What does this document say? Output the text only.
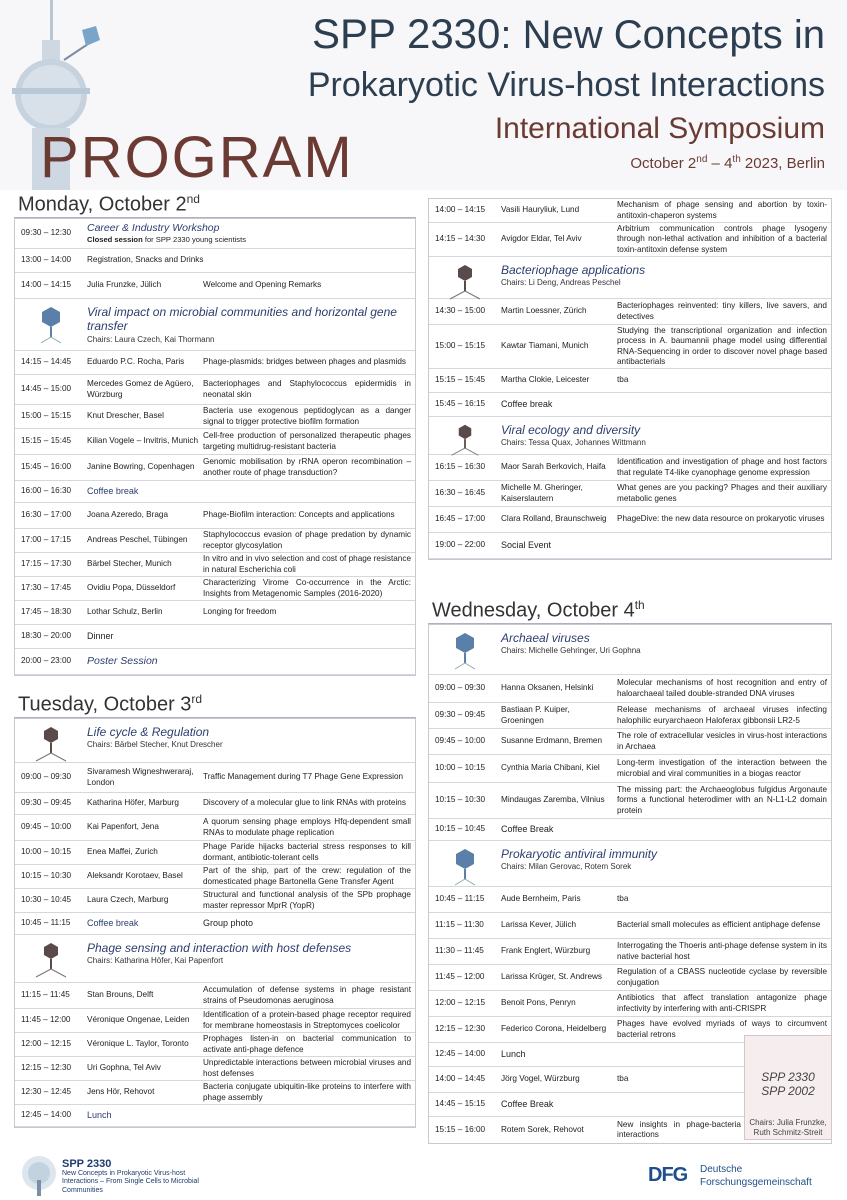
SPP 2330: New Concepts in
Prokaryotic Virus-host Interactions
International Symposium
October 2nd – 4th 2023, Berlin
PROGRAM
Monday, October 2nd
09:30 – 12:30	Career & Industry Workshop
Closed session for SPP 2330 young scientists
13:00 – 14:00	Registration, Snacks and Drinks
14:00 – 14:15	Julia Frunzke, Jülich	Welcome and Opening Remarks
Viral impact on microbial communities and horizontal gene transfer
Chairs: Laura Czech, Kai Thormann
14:15 – 14:45	Eduardo P.C. Rocha, Paris	Phage-plasmids: bridges between phages and plasmids
14:45 – 15:00
Mercedes Gomez de Agüero, Würzburg
Bacteriophages and Staphylococcus epidermidis in neonatal skin
15:00 – 15:15	Knut Drescher, Basel
Bacteria use exogenous peptidoglycan as a danger signal to trigger protective biofilm formation
15:15 – 15:45	Kilian Vogele – Invitris, Munich
Cell-free production of personalized therapeutic phages targeting multidrug-resistant bacteria
15:45 – 16:00	Janine Bowring, Copenhagen
Genomic mobilisation by rRNA operon recombination – another route of phage transduction?
16:00 – 16:30	Coffee break
16:30 – 17:00	Joana Azeredo, Braga	Phage-Biofilm interaction: Concepts and applications
17:00 – 17:15	Andreas Peschel, Tübingen
Staphylococcus evasion of phage predation by dynamic receptor glycosylation
17:15 – 17:30	Bärbel Stecher, Munich
In vitro and in vivo selection and cost of phage resistance in natural Escherichia coli
17:30 – 17:45	Ovidiu Popa, Düsseldorf
Characterizing Virome Co-occurrence in the Arctic: Insights from Metagenomic Samples (2016-2020)
17:45 – 18:30	Lothar Schulz, Berlin	Longing for freedom
18:30 – 20:00	Dinner
20:00 – 23:00	Poster Session
Tuesday, October 3rd
Life cycle & Regulation
Chairs: Bärbel Stecher, Knut Drescher
09:00 – 09:30
Sivaramesh Wigneshweraraj, London
Traffic Management during T7 Phage Gene Expression
09:30 – 09:45	Katharina Höfer, Marburg	Discovery of a molecular glue to link RNAs with proteins
09:45 – 10:00	Kai Papenfort, Jena
A quorum sensing phage employs Hfq-dependent small RNAs to modulate phage replication
10:00 – 10:15	Enea Maffei, Zurich
Phage Paride hijacks bacterial stress responses to kill dormant, antibiotic-tolerant cells
10:15 – 10:30	Aleksandr Korotaev, Basel
Part of the ship, part of the crew: regulation of the domesticated phage Bartonella Gene Transfer Agent
10:30 – 10:45	Laura Czech, Marburg
Structural and functional analysis of the SPb prophage master repressor MprR (YopR)
10:45 – 11:15	Coffee break	Group photo
Phage sensing and interaction with host defenses
Chairs: Katharina Höfer, Kai Papenfort
11:15 – 11:45	Stan Brouns, Delft
Accumulation of defense systems in phage resistant strains of Pseudomonas aeruginosa
11:45 – 12:00	Véronique Ongenae, Leiden
Identification of a protein-based phage receptor required for membrane homeostasis in Streptomyces coelicolor
12:00 – 12:15	Véronique L. Taylor, Toronto
Prophages listen-in on bacterial communication to activate anti-phage defence
12:15 – 12:30	Uri Gophna, Tel Aviv
Unpredictable interactions between microbial viruses and host defenses
12:30 – 12:45	Jens Hör, Rehovot
Bacteria conjugate ubiquitin-like proteins to interfere with phage assembly
12:45 – 14:00	Lunch
14:00 – 14:15	Vasili Hauryliuk, Lund
Mechanism of phage sensing and abortion by toxin-antitoxin-chaperon systems
14:15 – 14:30	Avigdor Eldar, Tel Aviv
Arbitrium communication controls phage lysogeny through non-lethal activation and inhibition of a bacterial toxin-antitoxin defense system
Bacteriophage applications
Chairs: Li Deng, Andreas Peschel
14:30 – 15:00	Martin Loessner, Zürich
Bacteriophages reinvented: tiny killers, live savers, and detectives
15:00 – 15:15	Kawtar Tiamani, Munich
Studying the transcriptional organization and infection process in A. baumannii phage model using differential RNA-Sequencing in order to discover novel phage based antibacterials
15:15 – 15:45	Martha Clokie, Leicester	tba
15:45 – 16:15	Coffee break
Viral ecology and diversity
Chairs: Tessa Quax, Johannes Wittmann
16:15 – 16:30	Maor Sarah Berkovich, Haifa
Identification and investigation of phage and host factors that regulate T4-like cyanophage genome expression
16:30 – 16:45
Michelle M. Gheringer, Kaiserslautern
What genes are you packing? Phages and their auxiliary metabolic genes
16:45 – 17:00	Clara Rolland, Braunschweig	PhageDive: the new data resource on prokaryotic viruses
19:00 – 22:00	Social Event
Wednesday, October 4th
Archaeal viruses
Chairs: Michelle Gehringer, Uri Gophna
09:00 – 09:30	Hanna Oksanen, Helsinki
Molecular mechanisms of host recognition and entry of haloarchaeal tailed double-stranded DNA viruses
09:30 – 09:45
Bastiaan P. Kuiper, Groeningen
Release mechanisms of archaeal viruses infecting halophilic euryarchaeon Haloferax gibbonsii LR2-5
09:45 – 10:00	Susanne Erdmann, Bremen
The role of extracellular vesicles in virus-host interactions in Archaea
10:00 – 10:15	Cynthia Maria Chibani, Kiel
Long-term investigation of the interaction between the microbial and viral communities in a biogas reactor
10:15 – 10:30	Mindaugas Zaremba, Vilnius
The missing part: the Archaeoglobus fulgidus Argonaute forms a functional heterodimer with an N-L1-L2 domain protein
10:15 – 10:45	Coffee Break
Prokaryotic antiviral immunity
Chairs: Milan Gerovac, Rotem Sorek
10:45 – 11:15	Aude Bernheim, Paris	tba
11:15 – 11:30	Larissa Kever, Jülich	Bacterial small molecules as efficient antiphage defense
11:30 – 11:45	Frank Englert, Würzburg
Interrogating the Thoeris anti-phage defense system in its native bacterial host
11:45 – 12:00	Larissa Krüger, St. Andrews
Regulation of a CBASS nucleotide cyclase by reversible conjugation
12:00 – 12:15	Benoit Pons, Penryn
Antibiotics that affect translation antagonize phage infectivity by interfering with anti-CRISPR
12:15 – 12:30	Federico Corona, Heidelberg
Phages have evolved myriads of ways to circumvent bacterial retrons
12:45 – 14:00	Lunch
14:00 – 14:45	Jörg Vogel, Würzburg	tba
14:45 – 15:15	Coffee Break
15:15 – 16:00	Rotem Sorek, Rehovot
New insights in phage-bacteria interactions
SPP 2330
SPP 2002
Chairs: Julia Frunzke, Ruth Schmitz-Streit
SPP 2330
New Concepts in Prokaryotic Virus-host Interactions – From Single Cells to Microbial Communities
DFG Deutsche
Forschungsgemeinschaft
